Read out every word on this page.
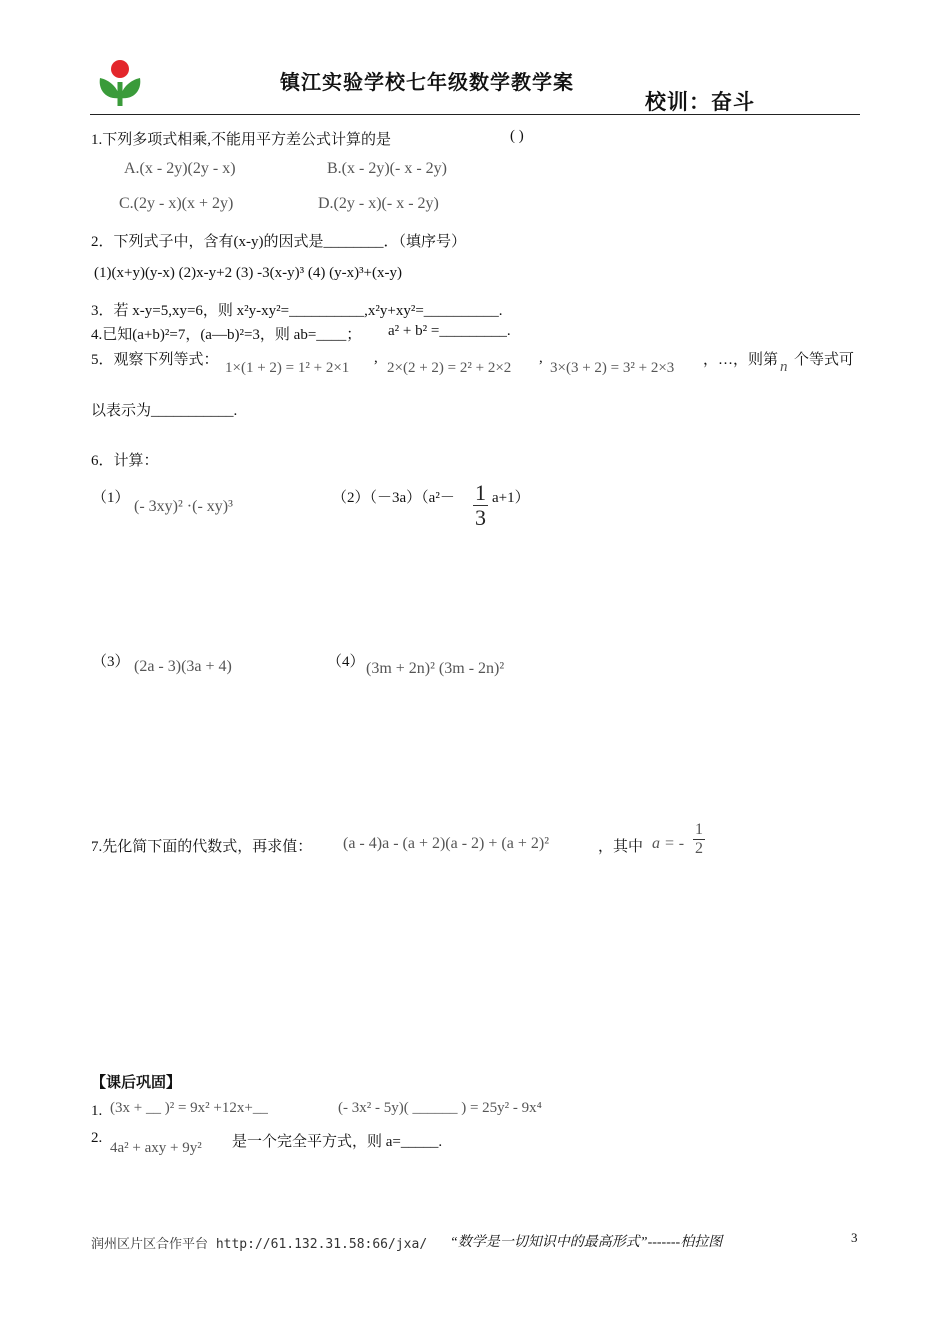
镇江实验学校七年级数学教学案
校训：奋斗
1.下列多项式相乘,不能用平方差公式计算的是	( )
A.(x - 2y)(2y - x)	B.(x - 2y)(- x - 2y)
C.(2y - x)(x + 2y)	D.(2y - x)(- x - 2y)
2．下列式子中，含有(x-y)的因式是________．（填序号）
(1)(x+y)(y-x) (2)x-y+2 (3) -3(x-y)³ (4) (y-x)³+(x-y)
3．若 x-y=5,xy=6，则 x²y-xy²=__________,x²y+xy²=__________.
4.已知(a+b)²=7，(a—b)²=3，则 ab=____； a² + b² =_________.
5．观察下列等式： 1×(1 + 2) = 1² + 2×1
,
2×(2 + 2) = 2² + 2×2
,
3×(3 + 2) = 3² + 2×3 ，…，则第 n 个等式可
以表示为___________.
6．计算：
（1） (- 3xy)² ·(- xy)³	$(2)(-3a)(a^2- \frac{1}{3} a+1)$
（3） (2a - 3)(3a + 4)	（4） (3m + 2n)² (3m - 2n)²
7.先化简下面的代数式，再求值： (a - 4)a - (a + 2)(a - 2) + (a + 2)²	，其中 a = - $\frac{1}{2}$
【课后巩固】
1. (3x + __ )² = 9x² +12x+__	(- 3x² - 5y)( ______ ) = 25y² - 9x⁴
2.
4a² + axy + 9y² 是一个完全平方式，则 a=_____.
润州区片区合作平台 http://61.132.31.58:66/jxa/ “数学是一切知识中的最高形式”-------柏拉图	3
